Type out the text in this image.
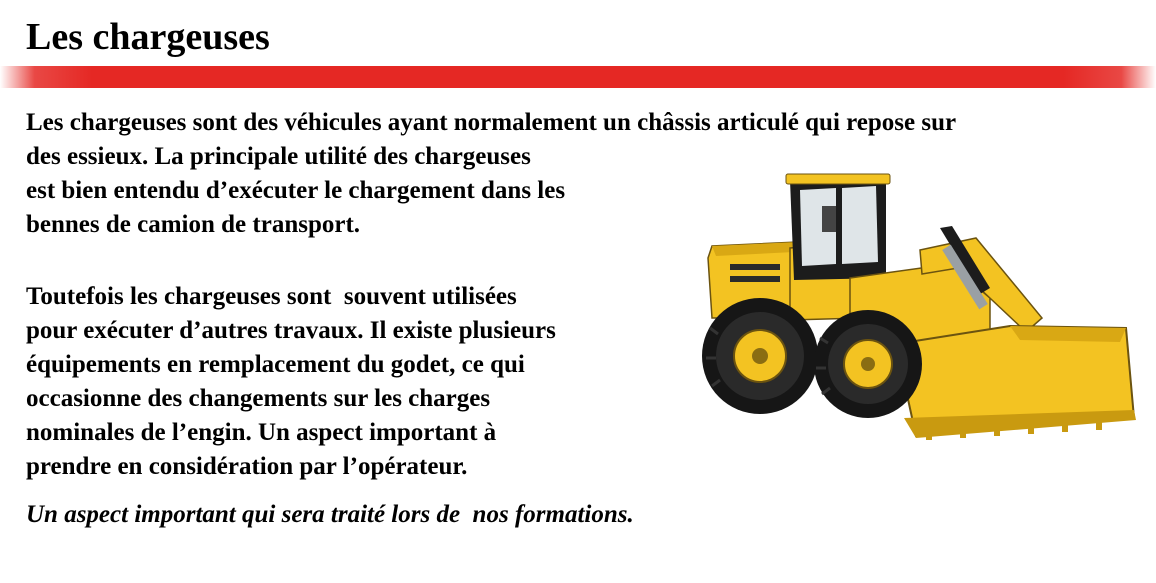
Les chargeuses

Les chargeuses sont des véhicules ayant normalement un châssis articulé qui repose sur

des essieux. La principale utilité des chargeuses
est bien entendu d’exécuter le chargement dans les
bennes de camion de transport.

Toutefois les chargeuses sont  souvent utilisées
pour exécuter d’autres travaux. Il existe plusieurs
équipements en remplacement du godet, ce qui
occasionne des changements sur les charges
nominales de l’engin. Un aspect important à
prendre en considération par l’opérateur.

Un aspect important qui sera traité lors de  nos formations.
